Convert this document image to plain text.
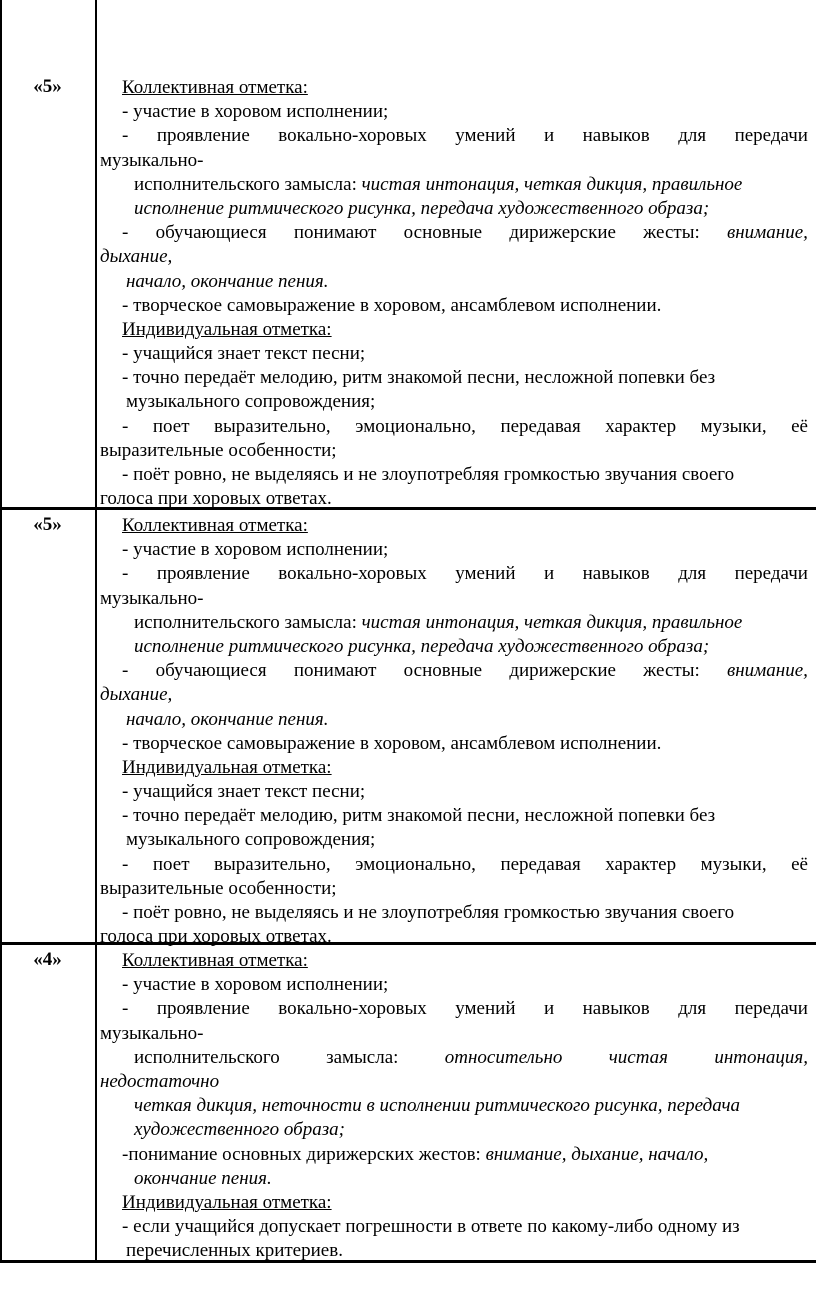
«5»	Коллективная отметка:
- участие в хоровом исполнении;
- проявление вокально-хоровых умений и навыков для передачи
музыкально-
исполнительского замысла: чистая интонация, четкая дикция, правильное
исполнение ритмического рисунка, передача художественного образа;
- обучающиеся понимают основные дирижерские жесты: внимание,
дыхание,
начало, окончание пения.
- творческое самовыражение в хоровом, ансамблевом исполнении.
Индивидуальная отметка:
- учащийся знает текст песни;
- точно передаёт мелодию, ритм знакомой песни, несложной попевки без
музыкального сопровождения;
- поет выразительно, эмоционально, передавая характер музыки, её
выразительные особенности;
- поёт ровно, не выделяясь и не злоупотребляя громкостью звучания своего
голоса при хоровых ответах.
«5»	Коллективная отметка:
- участие в хоровом исполнении;
- проявление вокально-хоровых умений и навыков для передачи
музыкально-
исполнительского замысла: чистая интонация, четкая дикция, правильное
исполнение ритмического рисунка, передача художественного образа;
- обучающиеся понимают основные дирижерские жесты: внимание,
дыхание,
начало, окончание пения.
- творческое самовыражение в хоровом, ансамблевом исполнении.
Индивидуальная отметка:
- учащийся знает текст песни;
- точно передаёт мелодию, ритм знакомой песни, несложной попевки без
музыкального сопровождения;
- поет выразительно, эмоционально, передавая характер музыки, её
выразительные особенности;
- поёт ровно, не выделяясь и не злоупотребляя громкостью звучания своего
голоса при хоровых ответах.
«4»	Коллективная отметка:
- участие в хоровом исполнении;
- проявление вокально-хоровых умений и навыков для передачи
музыкально-
исполнительского замысла: относительно чистая интонация,
недостаточно
четкая дикция, неточности в исполнении ритмического рисунка, передача
художественного образа;
-понимание основных дирижерских жестов: внимание, дыхание, начало,
окончание пения.
Индивидуальная отметка:
- если учащийся допускает погрешности в ответе по какому-либо одному из
перечисленных критериев.
